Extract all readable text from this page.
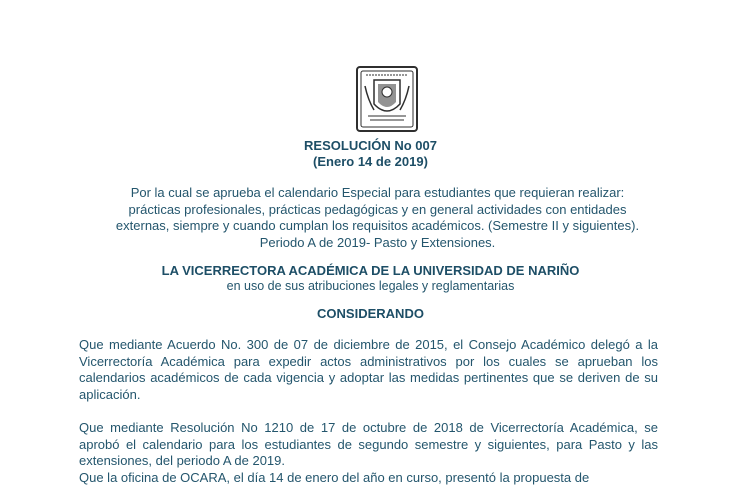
RESOLUCIÓN No 007
(Enero 14 de 2019)
Por la cual se aprueba el calendario Especial para estudiantes que requieran realizar:
prácticas profesionales, prácticas pedagógicas y en general actividades con entidades
externas, siempre y cuando cumplan los requisitos académicos. (Semestre II y siguientes).
Periodo A de 2019- Pasto y Extensiones.
LA VICERRECTORA ACADÉMICA DE LA UNIVERSIDAD DE NARIÑO
en uso de sus atribuciones legales y reglamentarias
CONSIDERANDO
Que mediante Acuerdo No. 300 de 07 de diciembre de 2015, el Consejo Académico delegó a la Vicerrectoría Académica para expedir actos administrativos por los cuales se aprueban los calendarios académicos de cada vigencia y adoptar las medidas pertinentes que se deriven de su aplicación.
Que mediante Resolución No 1210 de 17 de octubre de 2018 de Vicerrectoría Académica, se aprobó el calendario para los estudiantes de segundo semestre y siguientes, para Pasto y las extensiones, del periodo A de 2019.
Que la oficina de OCARA, el día 14 de enero del año en curso, presentó la propuesta de
